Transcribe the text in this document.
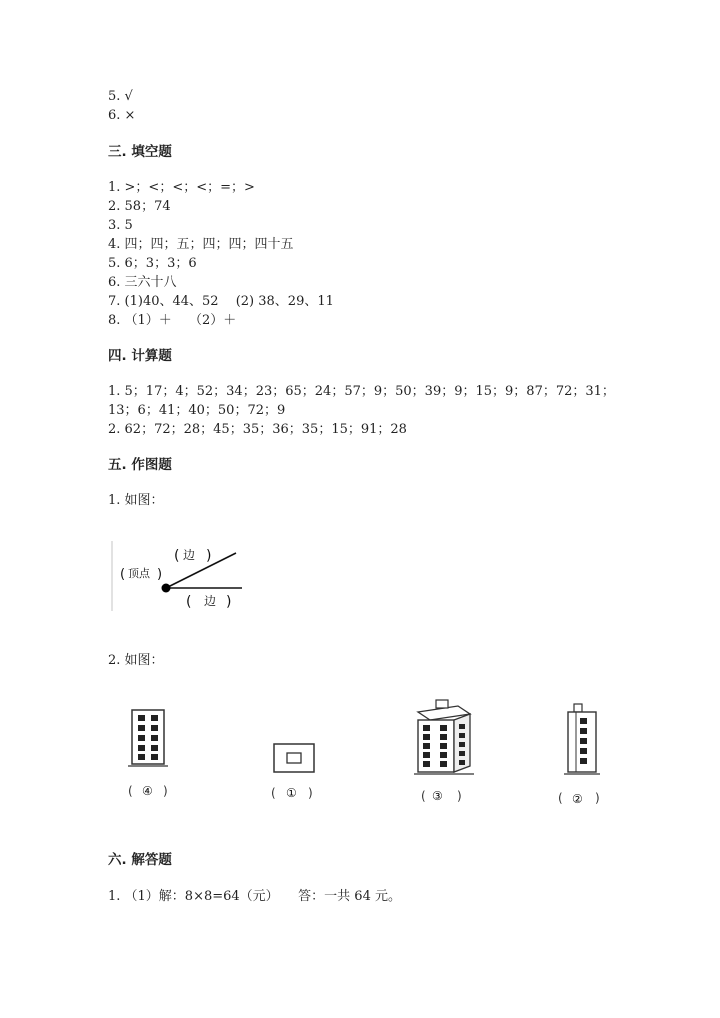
5. √
6. ×
三. 填空题
1. >；<；<；<；=；>
2. 58；74
3. 5
4. 四；四；五；四；四；四十五
5. 6；3；3；6
6. 三六十八
7. (1)40、44、52　 (2) 38、29、11
8. （1）＋　 （2）＋
四. 计算题
1. 5；17；4；52；34；23；65；24；57；9；50；39；9；15；9；87；72；31；
13；6；41；40；50；72；9
2. 62；72；28；45；35；36；35；15；91；28
五. 作图题
1. 如图：
( 顶点 )
( 边 )
( 边 )
2. 如图：
( ④ )	( ① )	( ③ )	( ② )
六. 解答题
1. （1）解：8×8=64（元）　　答：一共 64 元。
